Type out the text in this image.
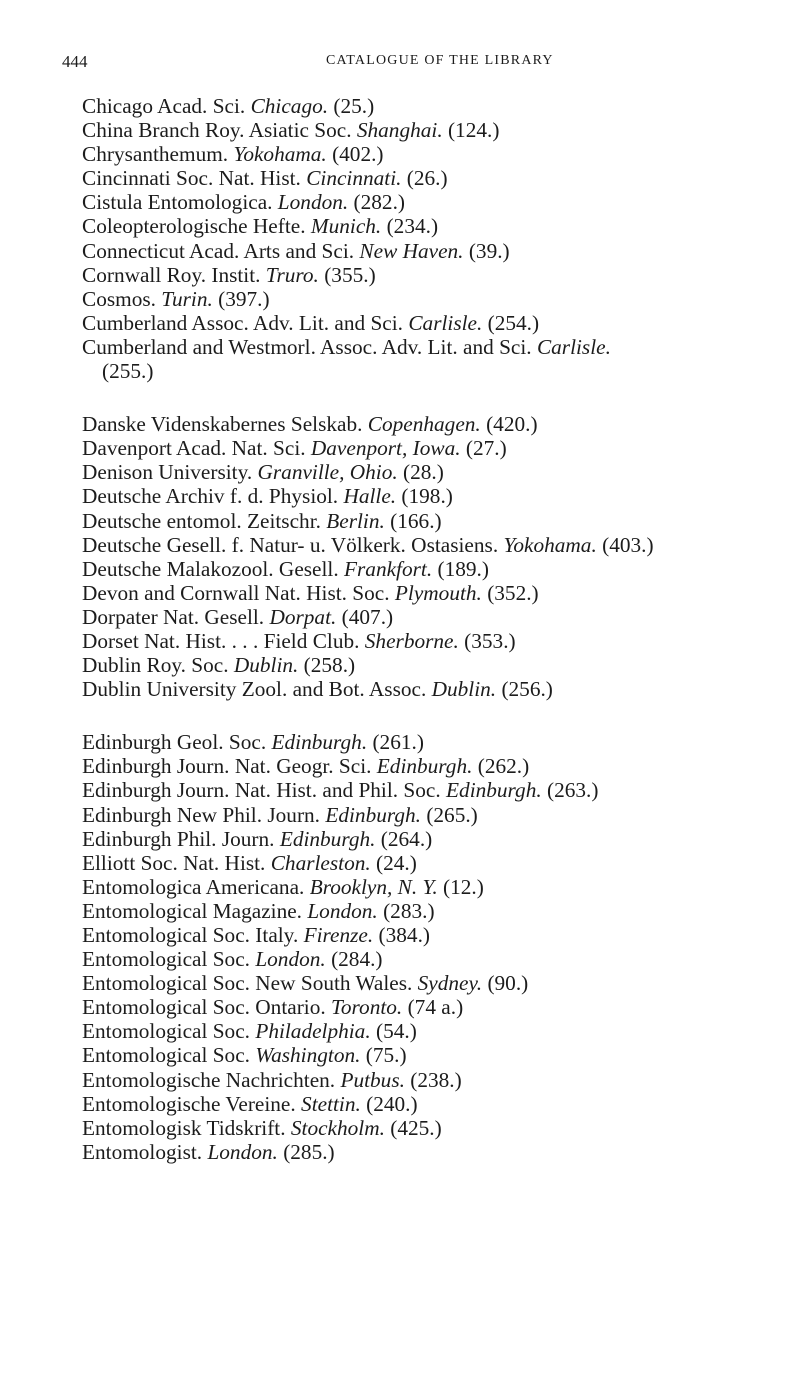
444	CATALOGUE OF THE LIBRARY
Chicago Acad. Sci. Chicago. (25.)
China Branch Roy. Asiatic Soc. Shanghai. (124.)
Chrysanthemum. Yokohama. (402.)
Cincinnati Soc. Nat. Hist. Cincinnati. (26.)
Cistula Entomologica. London. (282.)
Coleopterologische Hefte. Munich. (234.)
Connecticut Acad. Arts and Sci. New Haven. (39.)
Cornwall Roy. Instit. Truro. (355.)
Cosmos. Turin. (397.)
Cumberland Assoc. Adv. Lit. and Sci. Carlisle. (254.)
Cumberland and Westmorl. Assoc. Adv. Lit. and Sci. Carlisle.
(255.)
Danske Videnskabernes Selskab. Copenhagen. (420.)
Davenport Acad. Nat. Sci. Davenport, Iowa. (27.)
Denison University. Granville, Ohio. (28.)
Deutsche Archiv f. d. Physiol. Halle. (198.)
Deutsche entomol. Zeitschr. Berlin. (166.)
Deutsche Gesell. f. Natur- u. Völkerk. Ostasiens. Yokohama. (403.)
Deutsche Malakozool. Gesell. Frankfort. (189.)
Devon and Cornwall Nat. Hist. Soc. Plymouth. (352.)
Dorpater Nat. Gesell. Dorpat. (407.)
Dorset Nat. Hist. . . . Field Club. Sherborne. (353.)
Dublin Roy. Soc. Dublin. (258.)
Dublin University Zool. and Bot. Assoc. Dublin. (256.)
Edinburgh Geol. Soc. Edinburgh. (261.)
Edinburgh Journ. Nat. Geogr. Sci. Edinburgh. (262.)
Edinburgh Journ. Nat. Hist. and Phil. Soc. Edinburgh. (263.)
Edinburgh New Phil. Journ. Edinburgh. (265.)
Edinburgh Phil. Journ. Edinburgh. (264.)
Elliott Soc. Nat. Hist. Charleston. (24.)
Entomologica Americana. Brooklyn, N. Y. (12.)
Entomological Magazine. London. (283.)
Entomological Soc. Italy. Firenze. (384.)
Entomological Soc. London. (284.)
Entomological Soc. New South Wales. Sydney. (90.)
Entomological Soc. Ontario. Toronto. (74 a.)
Entomological Soc. Philadelphia. (54.)
Entomological Soc. Washington. (75.)
Entomologische Nachrichten. Putbus. (238.)
Entomologische Vereine. Stettin. (240.)
Entomologisk Tidskrift. Stockholm. (425.)
Entomologist. London. (285.)
